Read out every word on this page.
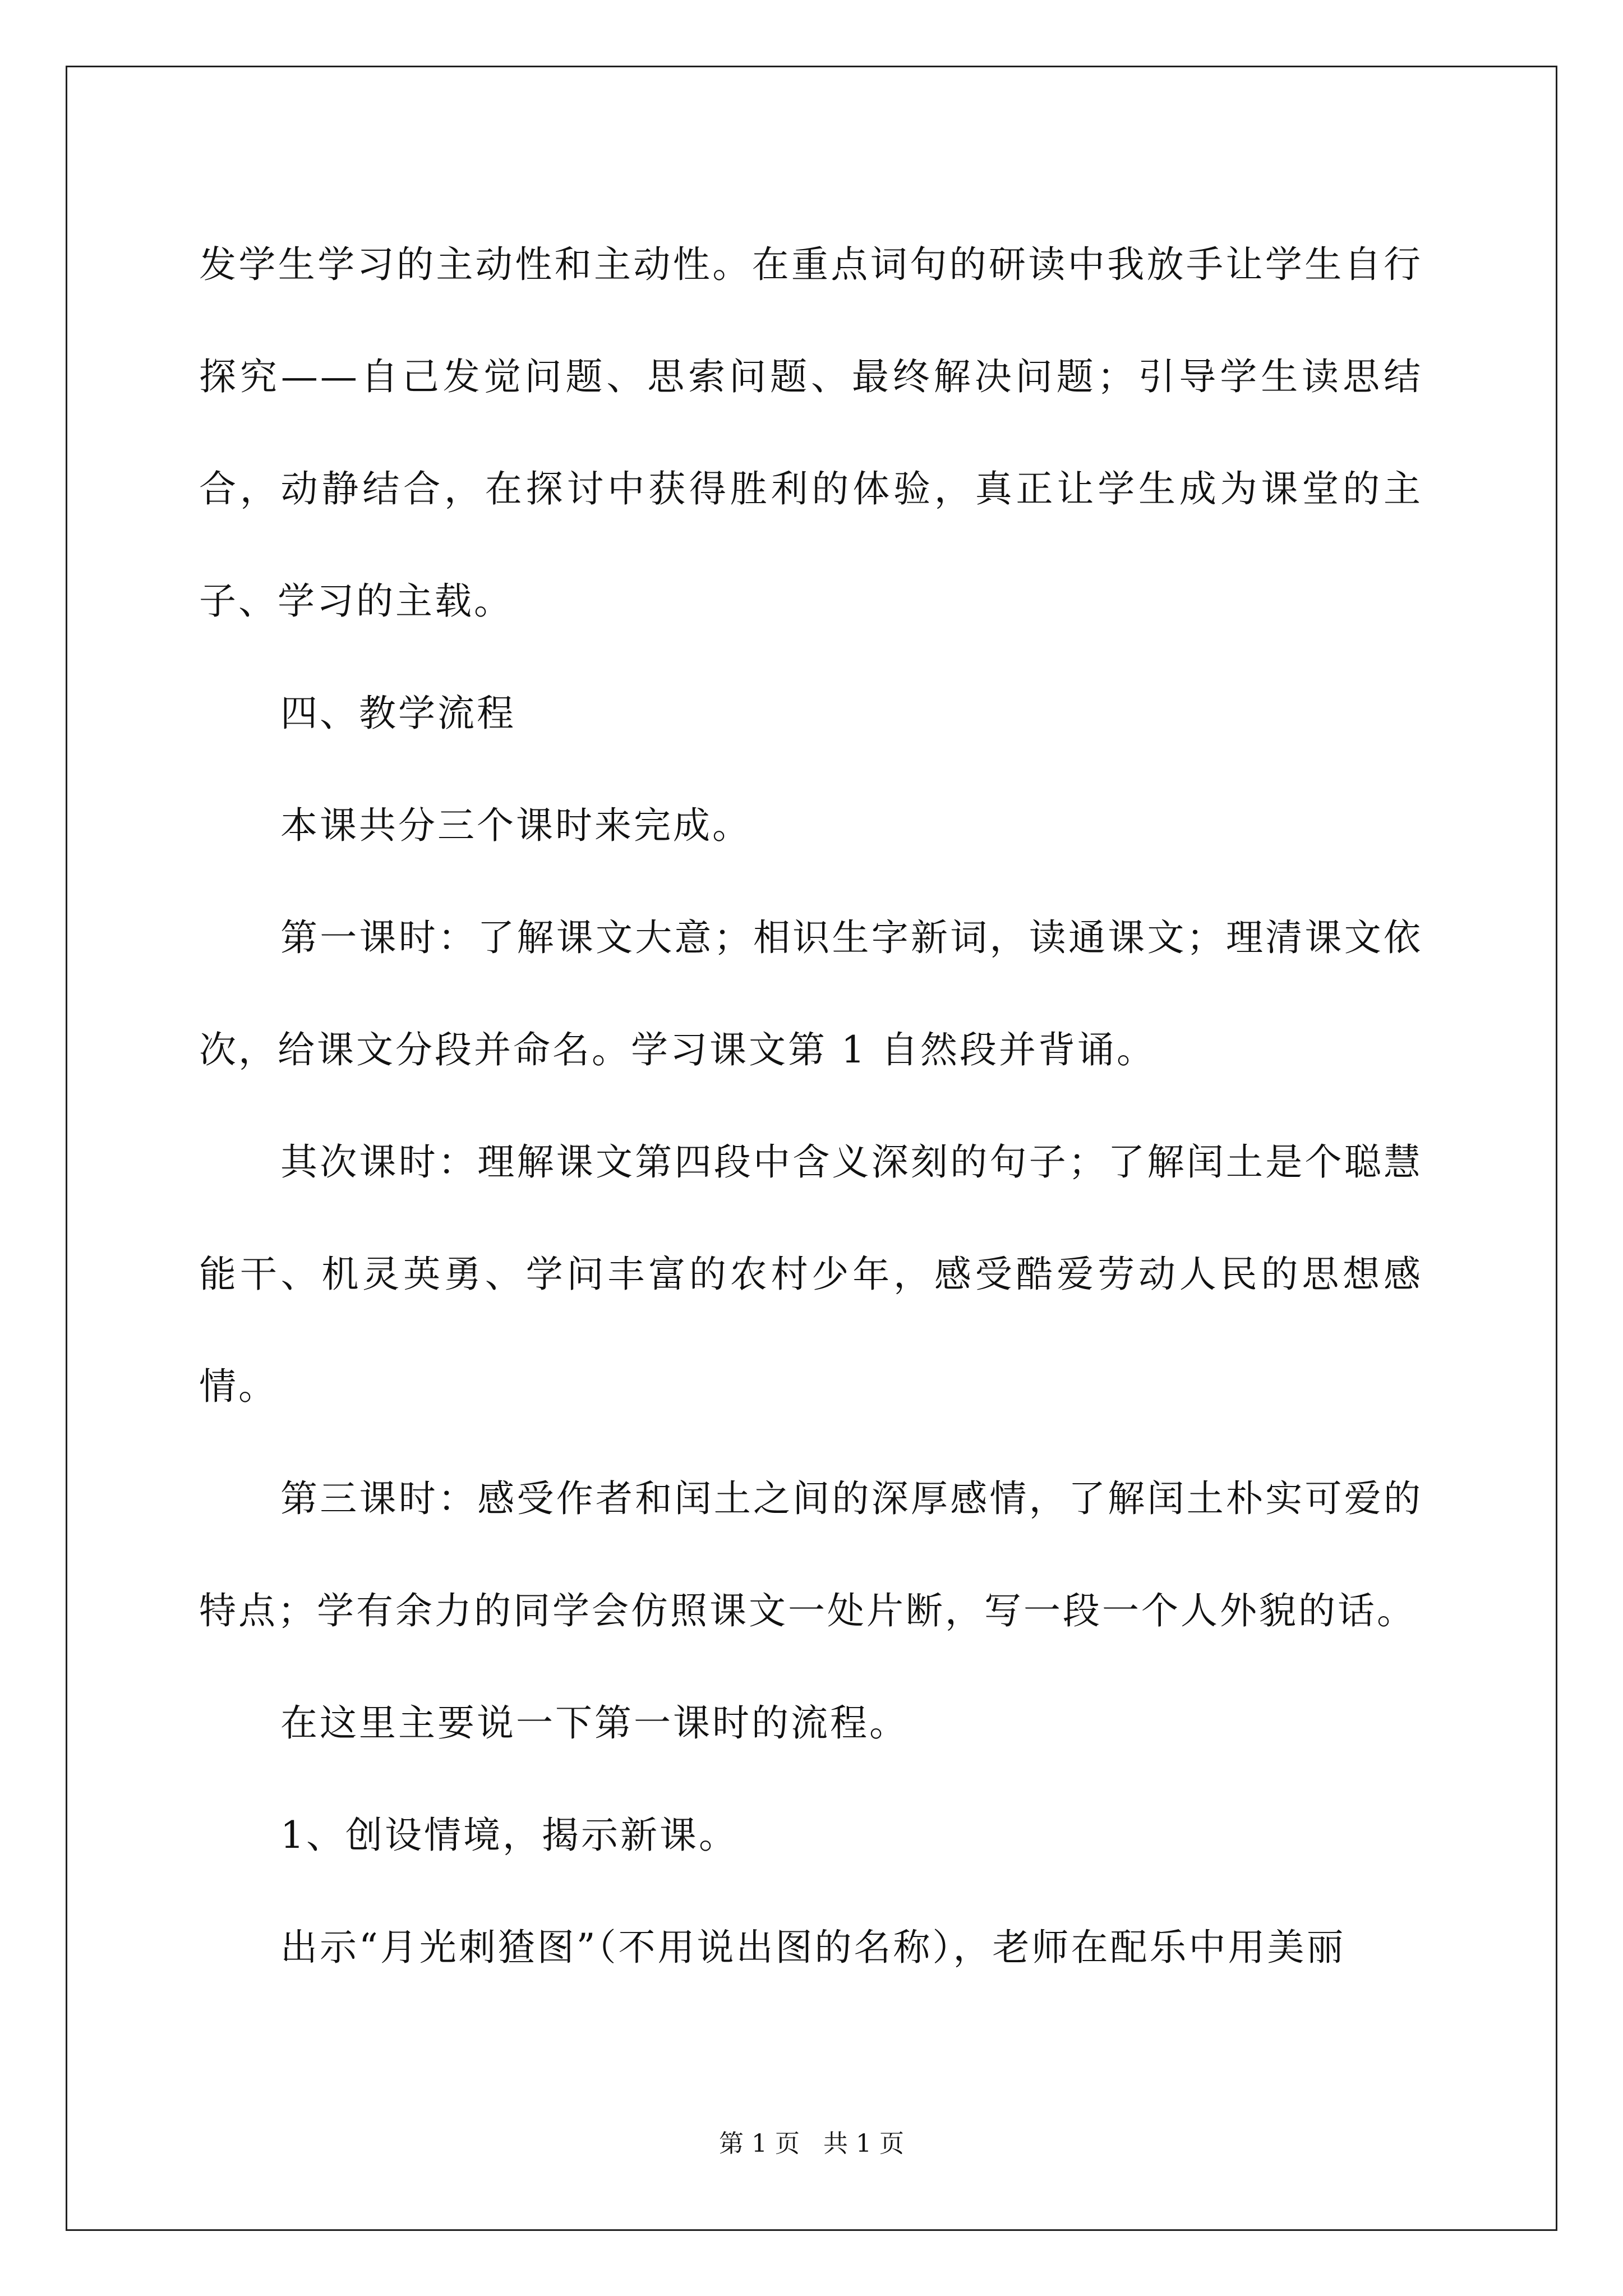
发学生学习的主动性和主动性。在重点词句的研读中我放手让学生自行探究——自己发觉问题、思索问题、最终解决问题；引导学生读思结合，动静结合，在探讨中获得胜利的体验，真正让学生成为课堂的主子、学习的主载。

四、教学流程

本课共分三个课时来完成。

第一课时：了解课文大意；相识生字新词，读通课文；理清课文依次，给课文分段并命名。学习课文第 1 自然段并背诵。

其次课时：理解课文第四段中含义深刻的句子；了解闰土是个聪慧能干、机灵英勇、学问丰富的农村少年，感受酷爱劳动人民的思想感情。

第三课时：感受作者和闰土之间的深厚感情，了解闰土朴实可爱的特点；学有余力的同学会仿照课文一处片断，写一段一个人外貌的话。

在这里主要说一下第一课时的流程。

1、创设情境，揭示新课。

出示“月光刺猹图”（不用说出图的名称），老师在配乐中用美丽

第 1 页   共 1 页
